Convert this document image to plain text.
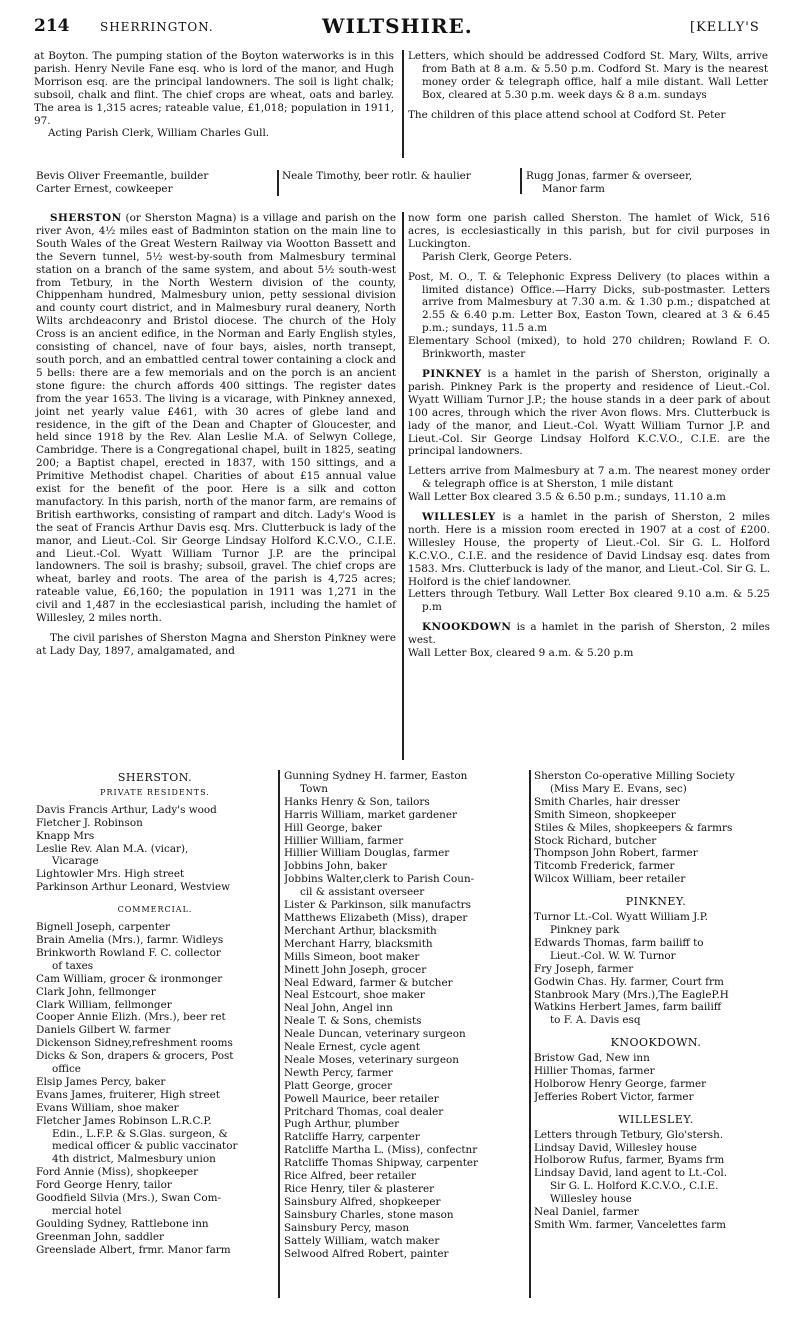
214	SHERRINGTON.	WILTSHIRE.	[KELLY'S

at Boyton. The pumping station of the Boyton waterworks is in this parish. Henry Nevile Fane esq. who is lord of the manor, and Hugh Morrison esq. are the principal landowners. The soil is light chalk; subsoil, chalk and flint. The chief crops are wheat, oats and barley. The area is 1,315 acres; rateable value, £1,018; population in 1911, 97.

Acting Parish Clerk, William Charles Gull.

Letters, which should be addressed Codford St. Mary, Wilts, arrive from Bath at 8 a.m. & 5.50 p.m. Codford St. Mary is the nearest money order & telegraph office, half a mile distant. Wall Letter Box, cleared at 5.30 p.m. week days & 8 a.m. sundays

The children of this place attend school at Codford St. Peter

Bevis Oliver Freemantle, builder
Carter Ernest, cowkeeper
Neale Timothy, beer rotlr. & haulier	Rugg Jonas, farmer & overseer,
Manor farm

SHERSTON (or Sherston Magna) is a village and parish on the river Avon, 4½ miles east of Badminton station on the main line to South Wales of the Great Western Railway via Wootton Bassett and the Severn tunnel, 5½ west-by-south from Malmesbury terminal station on a branch of the same system, and about 5½ south-west from Tetbury, in the North Western division of the county, Chippenham hundred, Malmesbury union, petty sessional division and county court district, and in Malmesbury rural deanery, North Wilts archdeaconry and Bristol diocese. The church of the Holy Cross is an ancient edifice, in the Norman and Early English styles, consisting of chancel, nave of four bays, aisles, north transept, south porch, and an embattled central tower containing a clock and 5 bells: there are a few memorials and on the porch is an ancient stone figure: the church affords 400 sittings. The register dates from the year 1653. The living is a vicarage, with Pinkney annexed, joint net yearly value £461, with 30 acres of glebe land and residence, in the gift of the Dean and Chapter of Gloucester, and held since 1918 by the Rev. Alan Leslie M.A. of Selwyn College, Cambridge. There is a Congregational chapel, built in 1825, seating 200; a Baptist chapel, erected in 1837, with 150 sittings, and a Primitive Methodist chapel. Charities of about £15 annual value exist for the benefit of the poor. Here is a silk and cotton manufactory. In this parish, north of the manor farm, are remains of British earthworks, consisting of rampart and ditch. Lady's Wood is the seat of Francis Arthur Davis esq. Mrs. Clutterbuck is lady of the manor, and Lieut.-Col. Sir George Lindsay Holford K.C.V.O., C.I.E. and Lieut.-Col. Wyatt William Turnor J.P. are the principal landowners. The soil is brashy; subsoil, gravel. The chief crops are wheat, barley and roots. The area of the parish is 4,725 acres; rateable value, £6,160; the population in 1911 was 1,271 in the civil and 1,487 in the ecclesiastical parish, including the hamlet of Willesley, 2 miles north.

The civil parishes of Sherston Magna and Sherston Pinkney were at Lady Day, 1897, amalgamated, and

now form one parish called Sherston. The hamlet of Wick, 516 acres, is ecclesiastically in this parish, but for civil purposes in Luckington.

Parish Clerk, George Peters.

Post, M. O., T. & Telephonic Express Delivery (to places within a limited distance) Office.—Harry Dicks, sub-postmaster. Letters arrive from Malmesbury at 7.30 a.m. & 1.30 p.m.; dispatched at 2.55 & 6.40 p.m. Letter Box, Easton Town, cleared at 3 & 6.45 p.m.; sundays, 11.5 a.m

Elementary School (mixed), to hold 270 children; Rowland F. O. Brinkworth, master

PINKNEY is a hamlet in the parish of Sherston, originally a parish. Pinkney Park is the property and residence of Lieut.-Col. Wyatt William Turnor J.P.; the house stands in a deer park of about 100 acres, through which the river Avon flows. Mrs. Clutterbuck is lady of the manor, and Lieut.-Col. Wyatt William Turnor J.P. and Lieut.-Col. Sir George Lindsay Holford K.C.V.O., C.I.E. are the principal landowners.

Letters arrive from Malmesbury at 7 a.m. The nearest money order & telegraph office is at Sherston, 1 mile distant

Wall Letter Box cleared 3.5 & 6.50 p.m.; sundays, 11.10 a.m

WILLESLEY is a hamlet in the parish of Sherston, 2 miles north. Here is a mission room erected in 1907 at a cost of £200. Willesley House, the property of Lieut.-Col. Sir G. L. Holford K.C.V.O., C.I.E. and the residence of David Lindsay esq. dates from 1583. Mrs. Clutterbuck is lady of the manor, and Lieut.-Col. Sir G. L. Holford is the chief landowner.

Letters through Tetbury. Wall Letter Box cleared 9.10 a.m. & 5.25 p.m

KNOOKDOWN is a hamlet in the parish of Sherston, 2 miles west.

Wall Letter Box, cleared 9 a.m. & 5.20 p.m

SHERSTON.
PRIVATE RESIDENTS.
Davis Francis Arthur, Lady's wood
Fletcher J. Robinson
Knapp Mrs
Leslie Rev. Alan M.A. (vicar),
Vicarage
Lightowler Mrs. High street
Parkinson Arthur Leonard, Westview
COMMERCIAL.
Bignell Joseph, carpenter
Brain Amelia (Mrs.), farmr. Widleys
Brinkworth Rowland F. C. collector
of taxes
Cam William, grocer & ironmonger
Clark John, fellmonger
Clark William, fellmonger
Cooper Annie Elizh. (Mrs.), beer ret
Daniels Gilbert W. farmer
Dickenson Sidney,refreshment rooms
Dicks & Son, drapers & grocers, Post
office
Elsip James Percy, baker
Evans James, fruiterer, High street
Evans William, shoe maker
Fletcher James Robinson L.R.C.P.
Edin., L.F.P. & S.Glas. surgeon, &
medical officer & public vaccinator
4th district, Malmesbury union
Ford Annie (Miss), shopkeeper
Ford George Henry, tailor
Goodfield Silvia (Mrs.), Swan Com-
mercial hotel
Goulding Sydney, Rattlebone inn
Greenman John, saddler
Greenslade Albert, frmr. Manor farm
Gunning Sydney H. farmer, Easton
Town
Hanks Henry & Son, tailors
Harris William, market gardener
Hill George, baker
Hillier William, farmer
Hillier William Douglas, farmer
Jobbins John, baker
Jobbins Walter,clerk to Parish Coun-
cil & assistant overseer
Lister & Parkinson, silk manufactrs
Matthews Elizabeth (Miss), draper
Merchant Arthur, blacksmith
Merchant Harry, blacksmith
Mills Simeon, boot maker
Minett John Joseph, grocer
Neal Edward, farmer & butcher
Neal Estcourt, shoe maker
Neal John, Angel inn
Neale T. & Sons, chemists
Neale Duncan, veterinary surgeon
Neale Ernest, cycle agent
Neale Moses, veterinary surgeon
Newth Percy, farmer
Platt George, grocer
Powell Maurice, beer retailer
Pritchard Thomas, coal dealer
Pugh Arthur, plumber
Ratcliffe Harry, carpenter
Ratcliffe Martha L. (Miss), confectnr
Ratcliffe Thomas Shipway, carpenter
Rice Alfred, beer retailer
Rice Henry, tiler & plasterer
Sainsbury Alfred, shopkeeper
Sainsbury Charles, stone mason
Sainsbury Percy, mason
Sattely William, watch maker
Selwood Alfred Robert, painter
Sherston Co-operative Milling Society
(Miss Mary E. Evans, sec)
Smith Charles, hair dresser
Smith Simeon, shopkeeper
Stiles & Miles, shopkeepers & farmrs
Stock Richard, butcher
Thompson John Robert, farmer
Titcomb Frederick, farmer
Wilcox William, beer retailer
PINKNEY.
Turnor Lt.-Col. Wyatt William J.P.
Pinkney park
Edwards Thomas, farm bailiff to
Lieut.-Col. W. W. Turnor
Fry Joseph, farmer
Godwin Chas. Hy. farmer, Court frm
Stanbrook Mary (Mrs.),The EagleP.H
Watkins Herbert James, farm bailiff
to F. A. Davis esq
KNOOKDOWN.
Bristow Gad, New inn
Hillier Thomas, farmer
Holborow Henry George, farmer
Jefferies Robert Victor, farmer
WILLESLEY.
Letters through Tetbury, Glo'stersh.
Lindsay David, Willesley house
Holborow Rufus, farmer, Byams frm
Lindsay David, land agent to Lt.-Col.
Sir G. L. Holford K.C.V.O., C.I.E.
Willesley house
Neal Daniel, farmer
Smith Wm. farmer, Vancelettes farm
